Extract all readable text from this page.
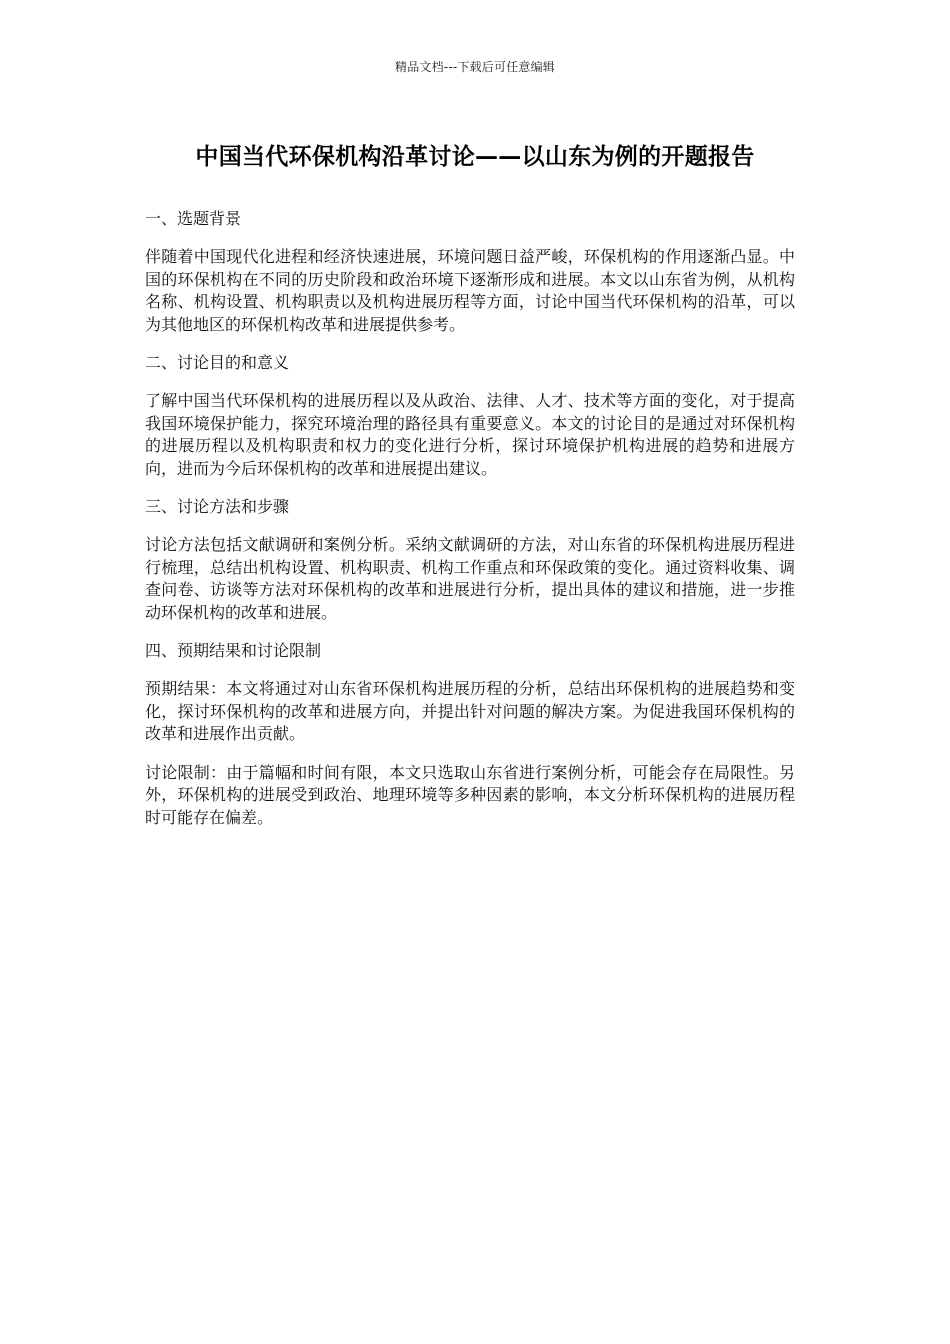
精品文档---下载后可任意编辑
中国当代环保机构沿革讨论——以山东为例的开题报告
一、选题背景
伴随着中国现代化进程和经济快速进展，环境问题日益严峻，环保机构的作用逐渐凸显。中国的环保机构在不同的历史阶段和政治环境下逐渐形成和进展。本文以山东省为例，从机构名称、机构设置、机构职责以及机构进展历程等方面，讨论中国当代环保机构的沿革，可以为其他地区的环保机构改革和进展提供参考。
二、讨论目的和意义
了解中国当代环保机构的进展历程以及从政治、法律、人才、技术等方面的变化，对于提高我国环境保护能力，探究环境治理的路径具有重要意义。本文的讨论目的是通过对环保机构的进展历程以及机构职责和权力的变化进行分析，探讨环境保护机构进展的趋势和进展方向，进而为今后环保机构的改革和进展提出建议。
三、讨论方法和步骤
讨论方法包括文献调研和案例分析。采纳文献调研的方法，对山东省的环保机构进展历程进行梳理，总结出机构设置、机构职责、机构工作重点和环保政策的变化。通过资料收集、调查问卷、访谈等方法对环保机构的改革和进展进行分析，提出具体的建议和措施，进一步推动环保机构的改革和进展。
四、预期结果和讨论限制
预期结果：本文将通过对山东省环保机构进展历程的分析，总结出环保机构的进展趋势和变化，探讨环保机构的改革和进展方向，并提出针对问题的解决方案。为促进我国环保机构的改革和进展作出贡献。
讨论限制：由于篇幅和时间有限，本文只选取山东省进行案例分析，可能会存在局限性。另外，环保机构的进展受到政治、地理环境等多种因素的影响，本文分析环保机构的进展历程时可能存在偏差。
